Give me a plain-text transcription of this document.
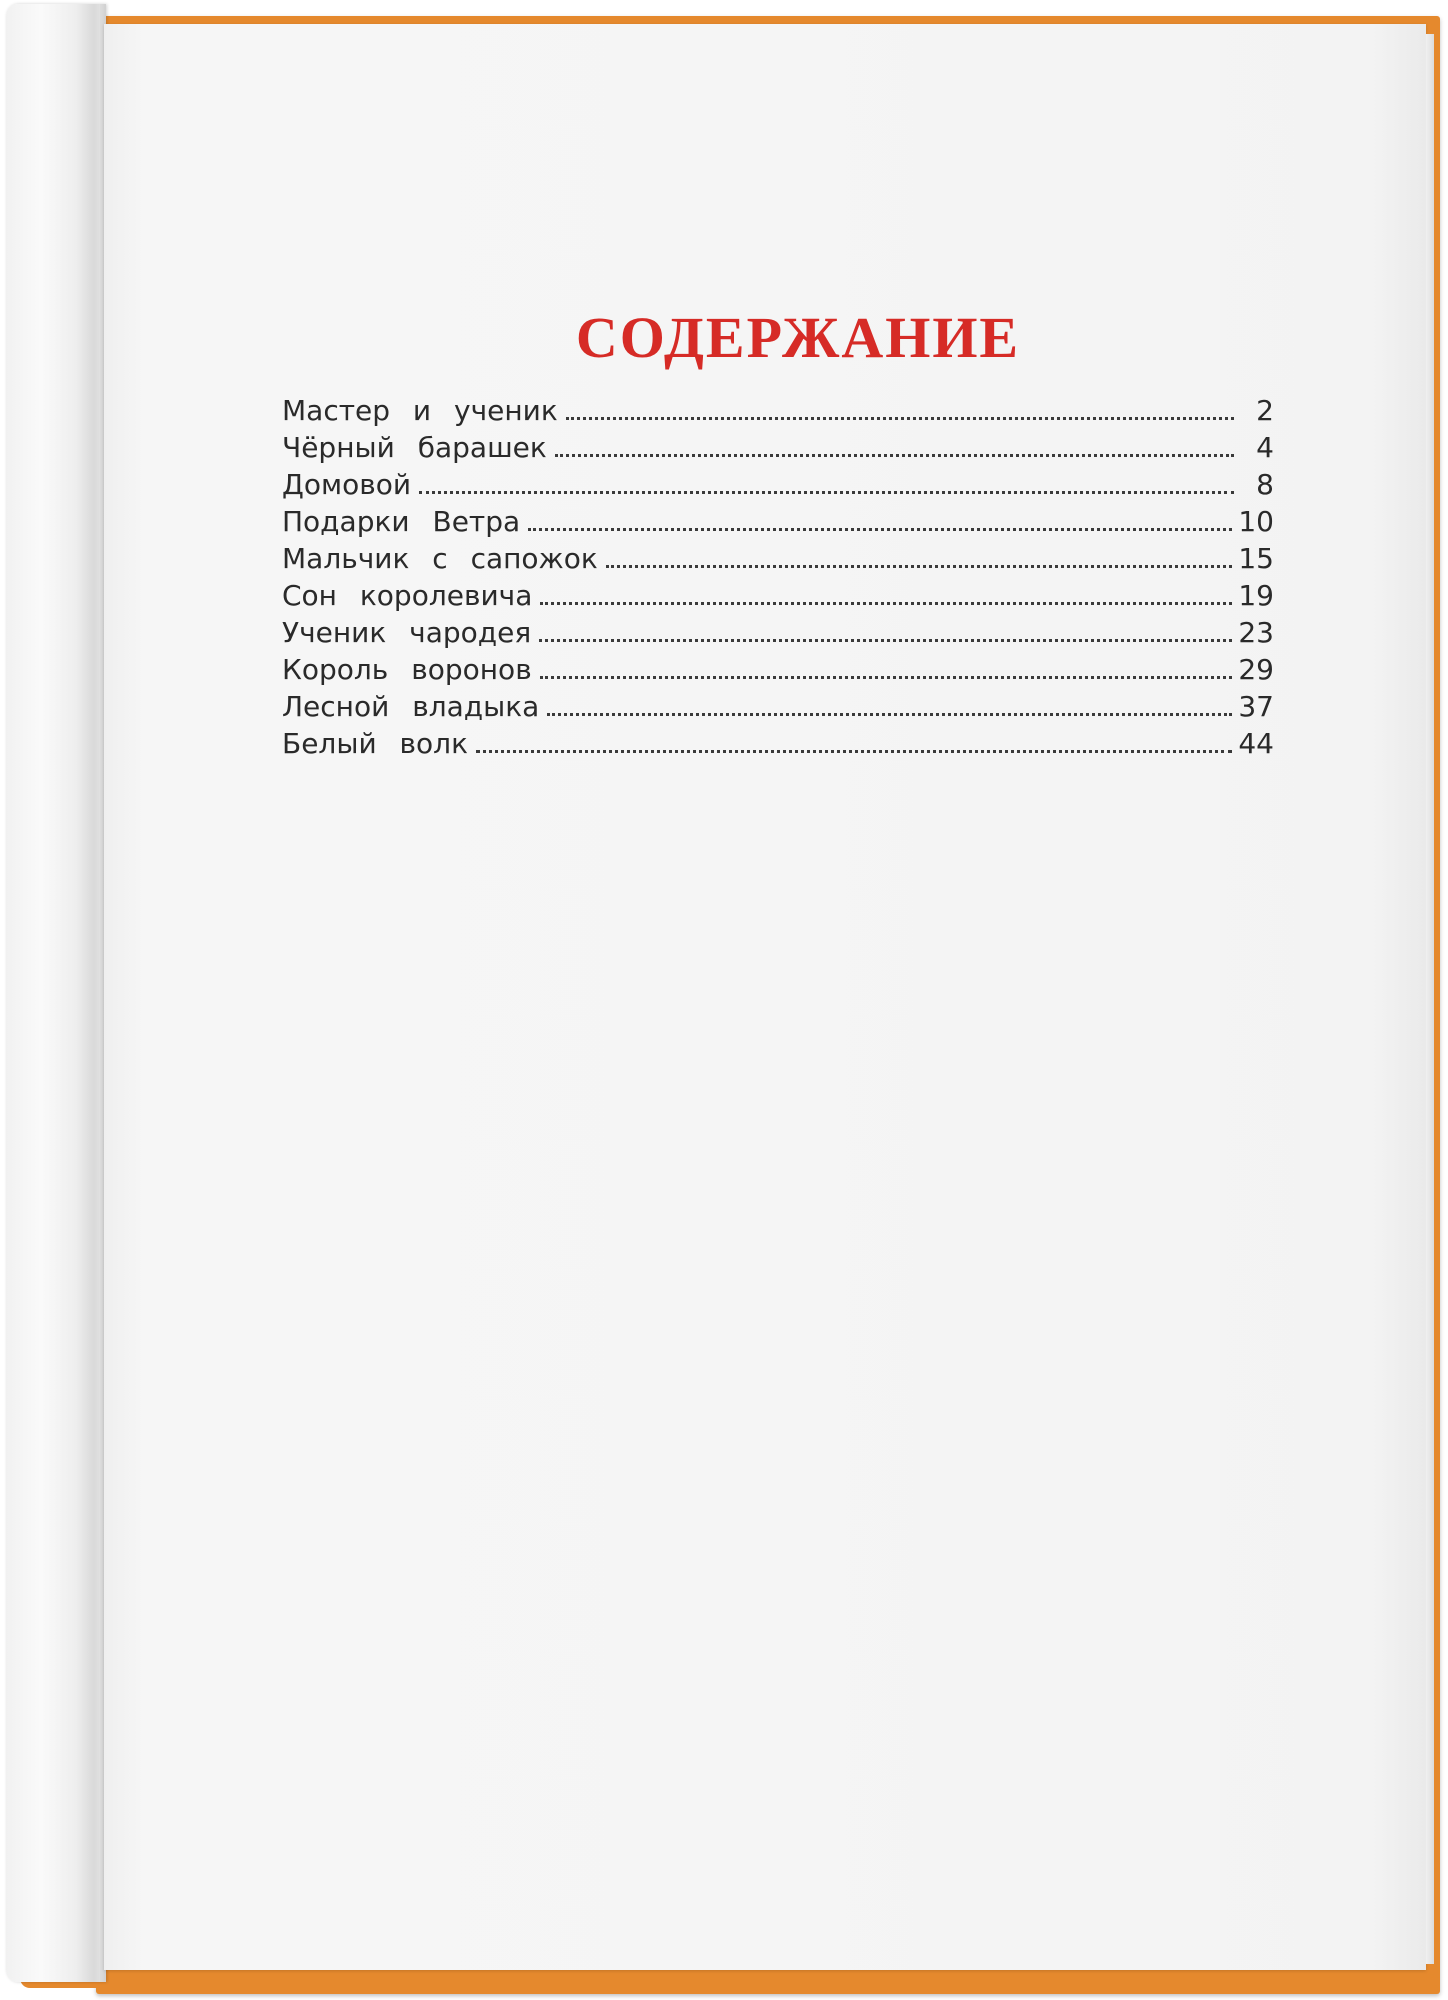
СОДЕРЖАНИЕ
Мастер и ученик	2
Чёрный барашек	4
Домовой	8
Подарки Ветра	10
Мальчик с сапожок	15
Сон королевича	19
Ученик чародея	23
Король воронов	29
Лесной владыка	37
Белый волк	44
